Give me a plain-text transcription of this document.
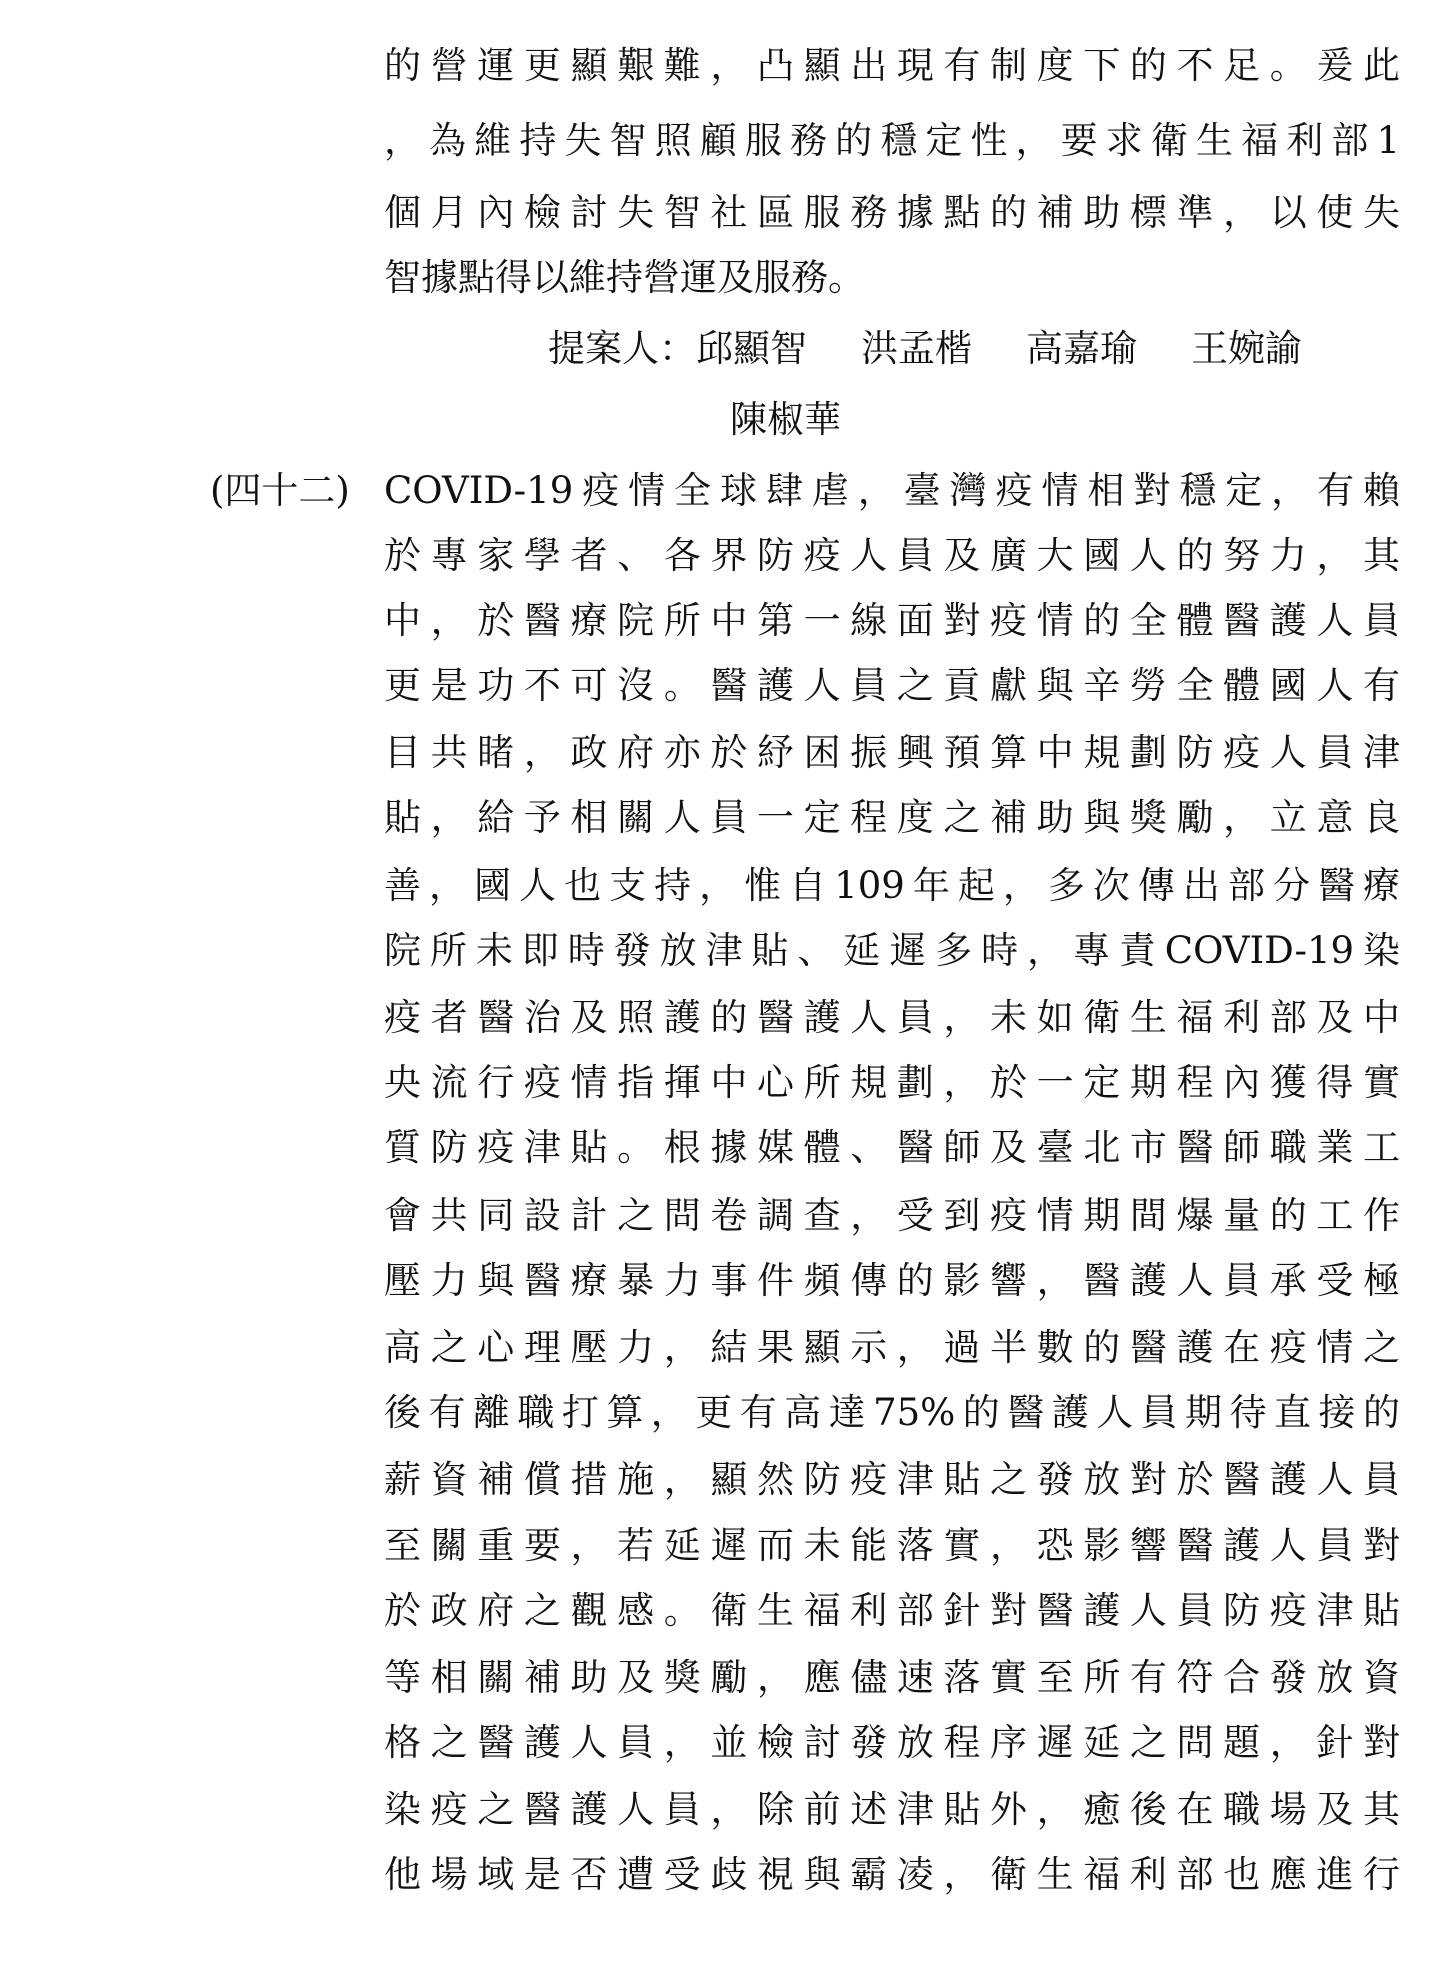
的營運更顯艱難，凸顯出現有制度下的不足。爰此
，為維持失智照顧服務的穩定性，要求衛生福利部1
個月內檢討失智社區服務據點的補助標準，以使失
智據點得以維持營運及服務。
提案人：邱顯智 洪孟楷 高嘉瑜 王婉諭
陳椒華
(四十二) COVID-19疫情全球肆虐，臺灣疫情相對穩定，有賴
於專家學者、各界防疫人員及廣大國人的努力，其
中，於醫療院所中第一線面對疫情的全體醫護人員
更是功不可沒。醫護人員之貢獻與辛勞全體國人有
目共睹，政府亦於紓困振興預算中規劃防疫人員津
貼，給予相關人員一定程度之補助與獎勵，立意良
善，國人也支持，惟自109年起，多次傳出部分醫療
院所未即時發放津貼、延遲多時，專責COVID-19染
疫者醫治及照護的醫護人員，未如衛生福利部及中
央流行疫情指揮中心所規劃，於一定期程內獲得實
質防疫津貼。根據媒體、醫師及臺北市醫師職業工
會共同設計之問卷調查，受到疫情期間爆量的工作
壓力與醫療暴力事件頻傳的影響，醫護人員承受極
高之心理壓力，結果顯示，過半數的醫護在疫情之
後有離職打算，更有高達75%的醫護人員期待直接的
薪資補償措施，顯然防疫津貼之發放對於醫護人員
至關重要，若延遲而未能落實，恐影響醫護人員對
於政府之觀感。衛生福利部針對醫護人員防疫津貼
等相關補助及獎勵，應儘速落實至所有符合發放資
格之醫護人員，並檢討發放程序遲延之問題，針對
染疫之醫護人員，除前述津貼外，癒後在職場及其
他場域是否遭受歧視與霸凌，衛生福利部也應進行
